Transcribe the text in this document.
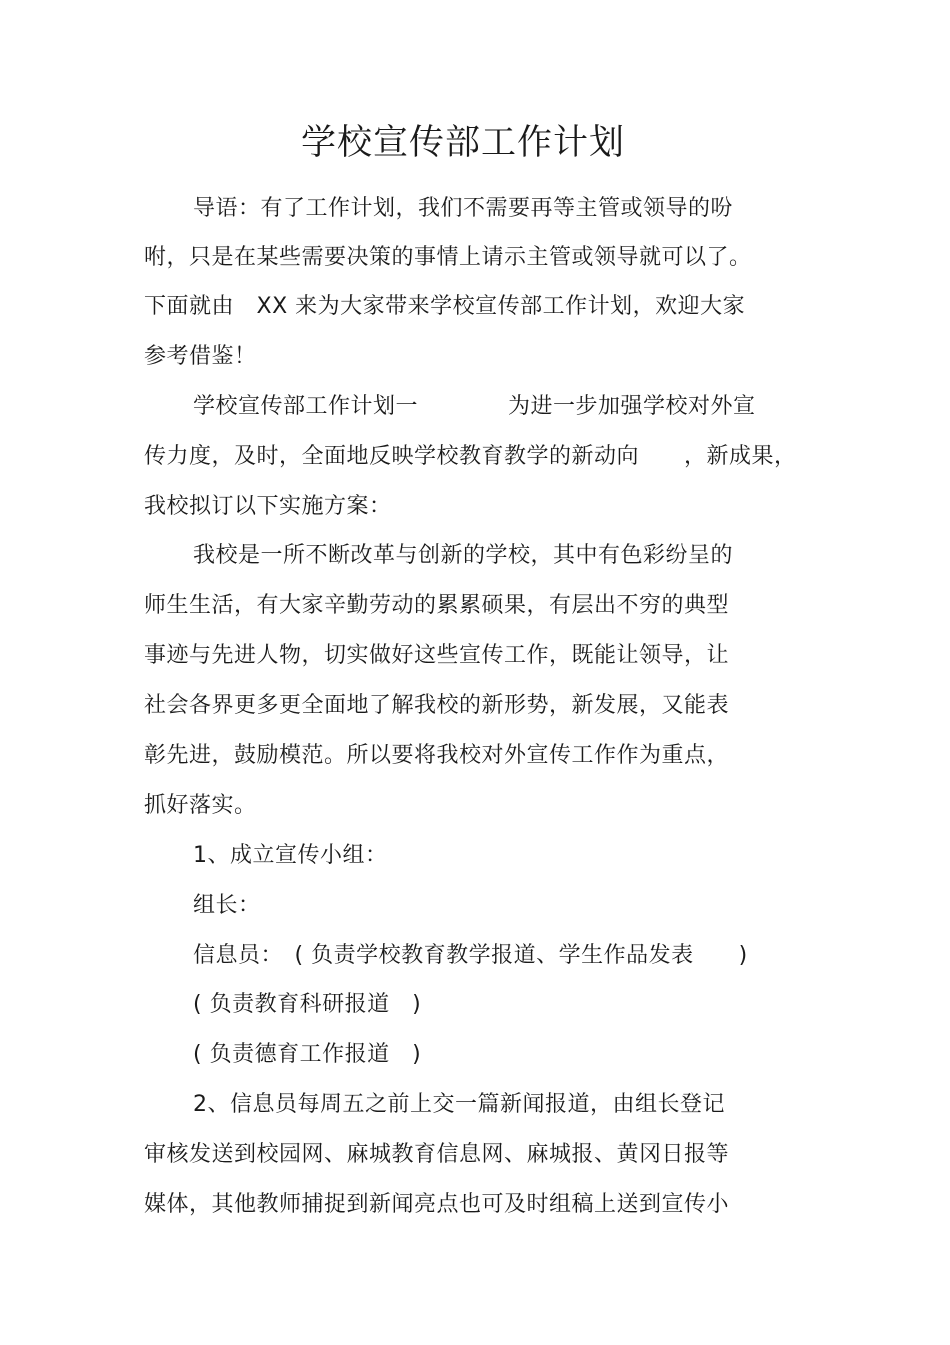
学校宣传部工作计划
导语：有了工作计划，我们不需要再等主管或领导的吩
咐，只是在某些需要决策的事情上请示主管或领导就可以了。
下面就由　XX 来为大家带来学校宣传部工作计划，欢迎大家
参考借鉴！
学校宣传部工作计划一　　　　为进一步加强学校对外宣
传力度，及时，全面地反映学校教育教学的新动向　　，新成果，
我校拟订以下实施方案：
我校是一所不断改革与创新的学校，其中有色彩纷呈的
师生生活，有大家辛勤劳动的累累硕果，有层出不穷的典型
事迹与先进人物，切实做好这些宣传工作，既能让领导，让
社会各界更多更全面地了解我校的新形势，新发展，又能表
彰先进，鼓励模范。所以要将我校对外宣传工作作为重点，
抓好落实。
1、成立宣传小组：
组长：
信息员：　( 负责学校教育教学报道、学生作品发表　　)
( 负责教育科研报道　)
( 负责德育工作报道　)
2、信息员每周五之前上交一篇新闻报道，由组长登记
审核发送到校园网、麻城教育信息网、麻城报、黄冈日报等
媒体，其他教师捕捉到新闻亮点也可及时组稿上送到宣传小
